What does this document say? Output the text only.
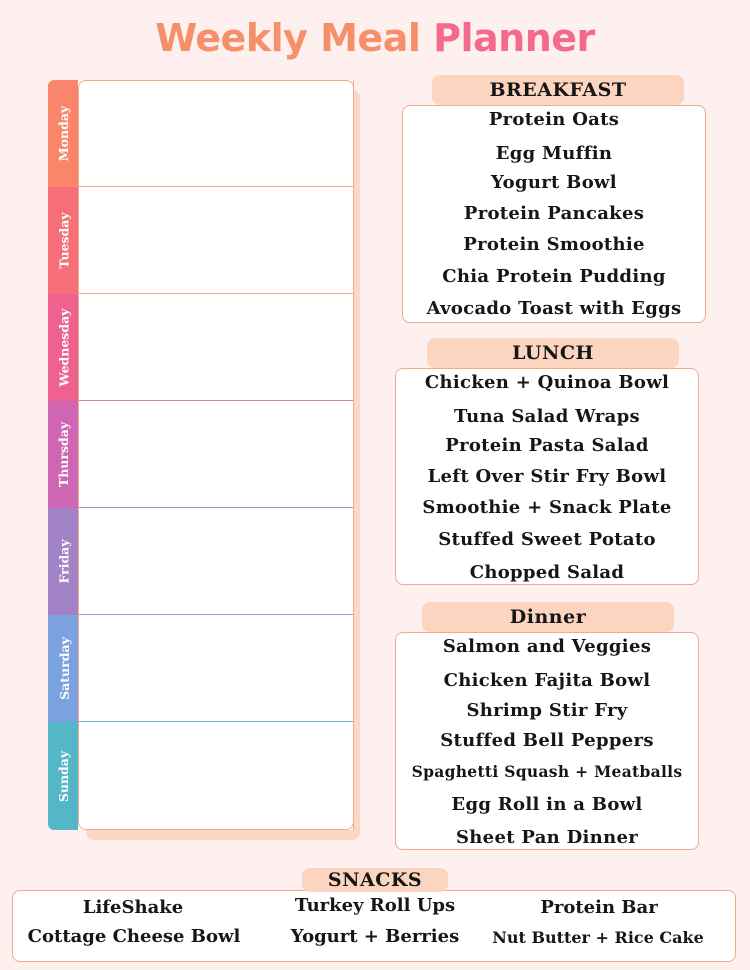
Weekly Meal Planner
Monday
Tuesday
Wednesday
Thursday
Friday
Saturday
Sunday
Protein Oats
Egg Muffin
Yogurt Bowl
Protein Pancakes
Protein Smoothie
Chia Protein Pudding
Avocado Toast with Eggs
BREAKFAST
Chicken + Quinoa Bowl
Tuna Salad Wraps
Protein Pasta Salad
Left Over Stir Fry Bowl
Smoothie + Snack Plate
Stuffed Sweet Potato
Chopped Salad
LUNCH
Salmon and Veggies
Chicken Fajita Bowl
Shrimp Stir Fry
Stuffed Bell Peppers
Spaghetti Squash + Meatballs
Egg Roll in a Bowl
Sheet Pan Dinner
Dinner
LifeShake	Turkey Roll Ups	Protein Bar
Cottage Cheese Bowl	Yogurt + Berries	Nut Butter + Rice Cake
SNACKS
